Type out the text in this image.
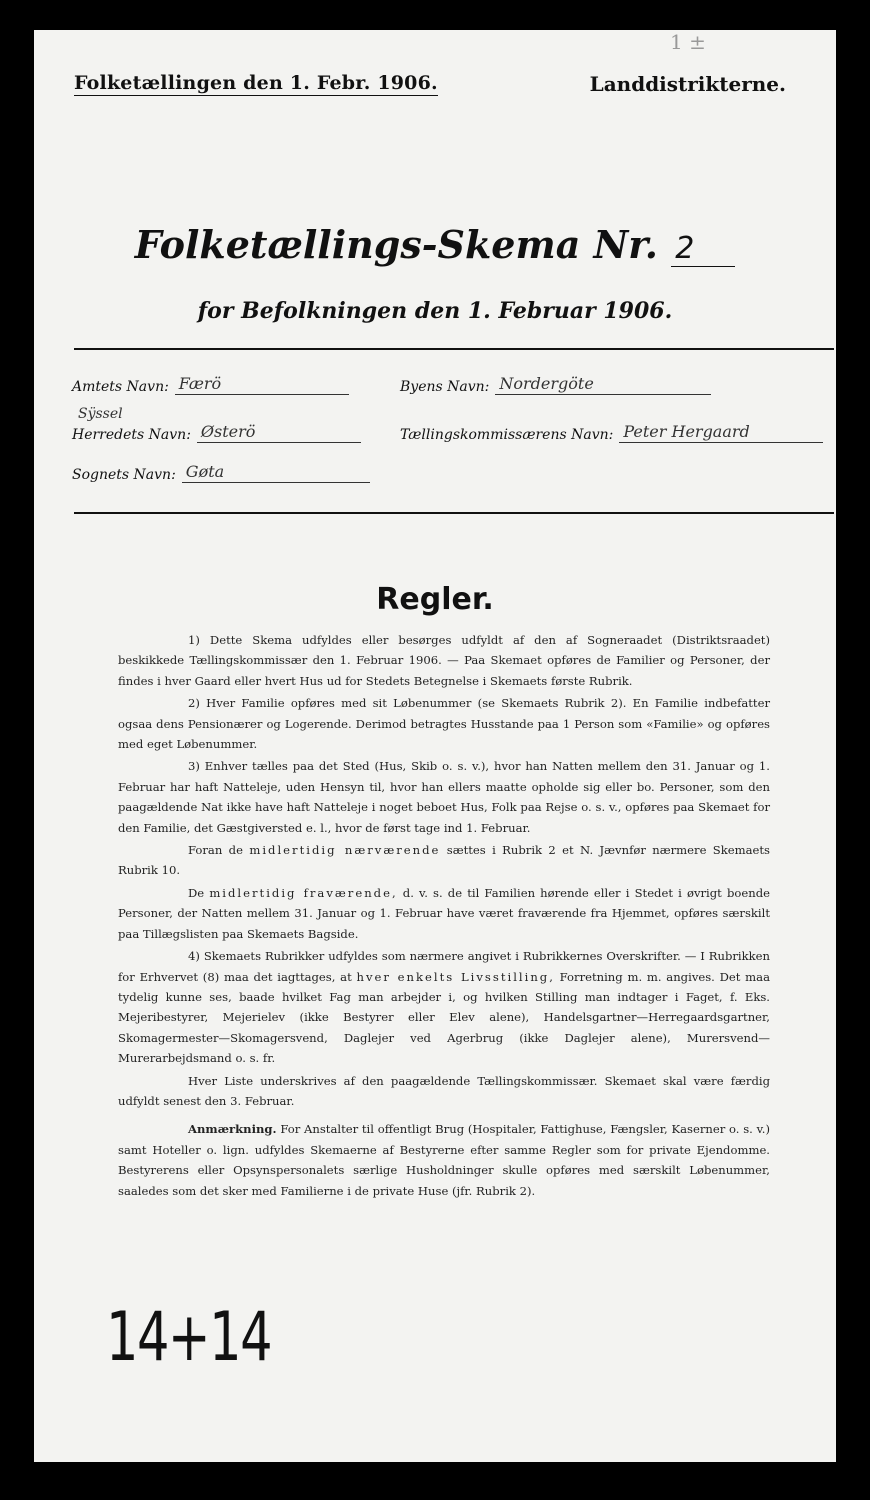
1 ±
Folketællingen den 1. Febr. 1906.	Landdistrikterne.
Folketællings-Skema Nr. 2
for Befolkningen den 1. Februar 1906.
Amtets Navn: Færö	Byens Navn: Nordergöte
Sÿssel
Herredets Navn: Østerö	Tællingskommissærens Navn: Peter Hergaard
Sognets Navn: Gøta
Regler.

1) Dette Skema udfyldes eller besørges udfyldt af den af Sogneraadet (Distriktsraadet) beskikkede Tællingskommissær den 1. Februar 1906. — Paa Skemaet opføres de Familier og Personer, der findes i hver Gaard eller hvert Hus ud for Stedets Betegnelse i Skemaets første Rubrik.

2) Hver Familie opføres med sit Løbenummer (se Skemaets Rubrik 2). En Familie indbefatter ogsaa dens Pensionærer og Logerende. Derimod betragtes Husstande paa 1 Person som «Familie» og opføres med eget Løbenummer.

3) Enhver tælles paa det Sted (Hus, Skib o. s. v.), hvor han Natten mellem den 31. Januar og 1. Februar har haft Natteleje, uden Hensyn til, hvor han ellers maatte opholde sig eller bo. Personer, som den paagældende Nat ikke have haft Natteleje i noget beboet Hus, Folk paa Rejse o. s. v., opføres paa Skemaet for den Familie, det Gæstgiversted e. l., hvor de først tage ind 1. Februar.

Foran de midlertidig nærværende sættes i Rubrik 2 et N. Jævnfør nærmere Skemaets Rubrik 10.

De midlertidig fraværende, d. v. s. de til Familien hørende eller i Stedet i øvrigt boende Personer, der Natten mellem 31. Januar og 1. Februar have været fraværende fra Hjemmet, opføres særskilt paa Tillægslisten paa Skemaets Bagside.

4) Skemaets Rubrikker udfyldes som nærmere angivet i Rubrikkernes Overskrifter. — I Rubrikken for Erhvervet (8) maa det iagttages, at hver enkelts Livsstilling, Forretning m. m. angives. Det maa tydelig kunne ses, baade hvilket Fag man arbejder i, og hvilken Stilling man indtager i Faget, f. Eks. Mejeribestyrer, Mejerielev (ikke Bestyrer eller Elev alene), Handelsgartner—Herregaardsgartner, Skomagermester—Skomagersvend, Daglejer ved Agerbrug (ikke Daglejer alene), Murersvend—Murerarbejdsmand o. s. fr.

Hver Liste underskrives af den paagældende Tællingskommissær. Skemaet skal være færdig udfyldt senest den 3. Februar.

Anmærkning. For Anstalter til offentligt Brug (Hospitaler, Fattighuse, Fængsler, Kaserner o. s. v.) samt Hoteller o. lign. udfyldes Skemaerne af Bestyrerne efter samme Regler som for private Ejendomme. Bestyrerens eller Opsynspersonalets særlige Husholdninger skulle opføres med særskilt Løbenummer, saaledes som det sker med Familierne i de private Huse (jfr. Rubrik 2).

14+14
